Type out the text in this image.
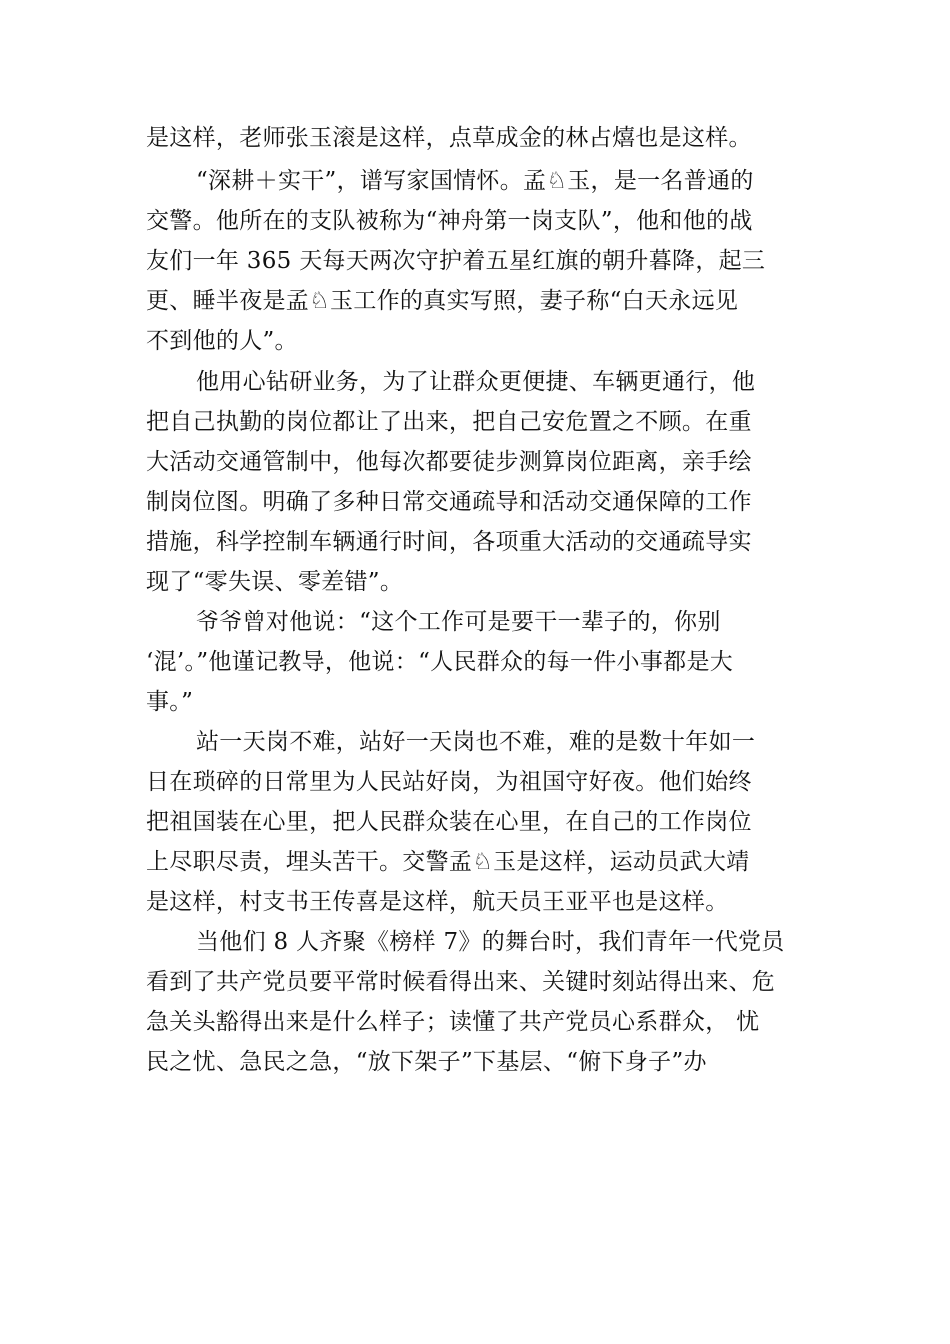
是这样，老师张玉滚是这样，点草成金的林占熺也是这样。
“深耕＋实干”，谱写家国情怀。孟♘玉，是一名普通的
交警。他所在的支队被称为“神舟第一岗支队”，他和他的战
友们一年 365 天每天两次守护着五星红旗的朝升暮降，起三
更、睡半夜是孟♘玉工作的真实写照，妻子称“白天永远见
不到他的人”。
他用心钻研业务，为了让群众更便捷、车辆更通行，他
把自己执勤的岗位都让了出来，把自己安危置之不顾。在重
大活动交通管制中，他每次都要徒步测算岗位距离，亲手绘
制岗位图。明确了多种日常交通疏导和活动交通保障的工作
措施，科学控制车辆通行时间，各项重大活动的交通疏导实
现了“零失误、零差错”。
爷爷曾对他说：“这个工作可是要干一辈子的，你别
‘混’。”他谨记教导，他说：“人民群众的每一件小事都是大
事。”
站一天岗不难，站好一天岗也不难，难的是数十年如一
日在琐碎的日常里为人民站好岗，为祖国守好夜。他们始终
把祖国装在心里，把人民群众装在心里，在自己的工作岗位
上尽职尽责，埋头苦干。交警孟♘玉是这样，运动员武大靖
是这样，村支书王传喜是这样，航天员王亚平也是这样。
当他们 8 人齐聚《榜样 7》的舞台时，我们青年一代党员
看到了共产党员要平常时候看得出来、关键时刻站得出来、危
急关头豁得出来是什么样子；读懂了共产党员心系群众， 忧
民之忧、急民之急，“放下架子”下基层、“俯下身子”办
